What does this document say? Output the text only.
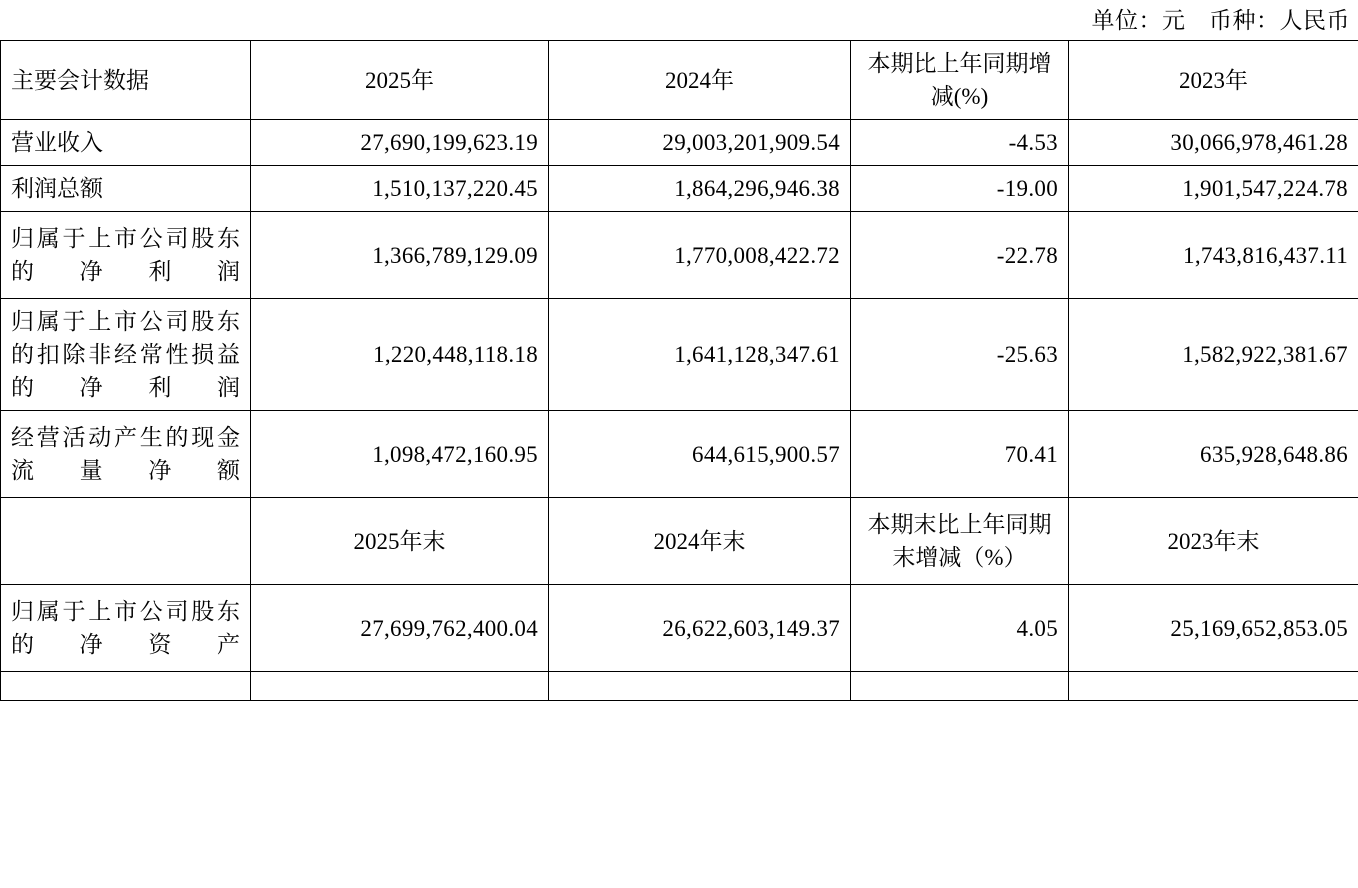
单位：元　币种：人民币
主要会计数据	2025年	2024年	本期比上年同期增减(%)	2023年
营业收入	27,690,199,623.19	29,003,201,909.54	-4.53	30,066,978,461.28
利润总额	1,510,137,220.45	1,864,296,946.38	-19.00	1,901,547,224.78
归属于上市公司股东的净利润	1,366,789,129.09	1,770,008,422.72	-22.78	1,743,816,437.11
归属于上市公司股东的扣除非经常性损益的净利润	1,220,448,118.18	1,641,128,347.61	-25.63	1,582,922,381.67
经营活动产生的现金流量净额	1,098,472,160.95	644,615,900.57	70.41	635,928,648.86
	2025年末	2024年末	本期末比上年同期末增减（%）	2023年末
归属于上市公司股东的净资产	27,699,762,400.04	26,622,603,149.37	4.05	25,169,652,853.05
